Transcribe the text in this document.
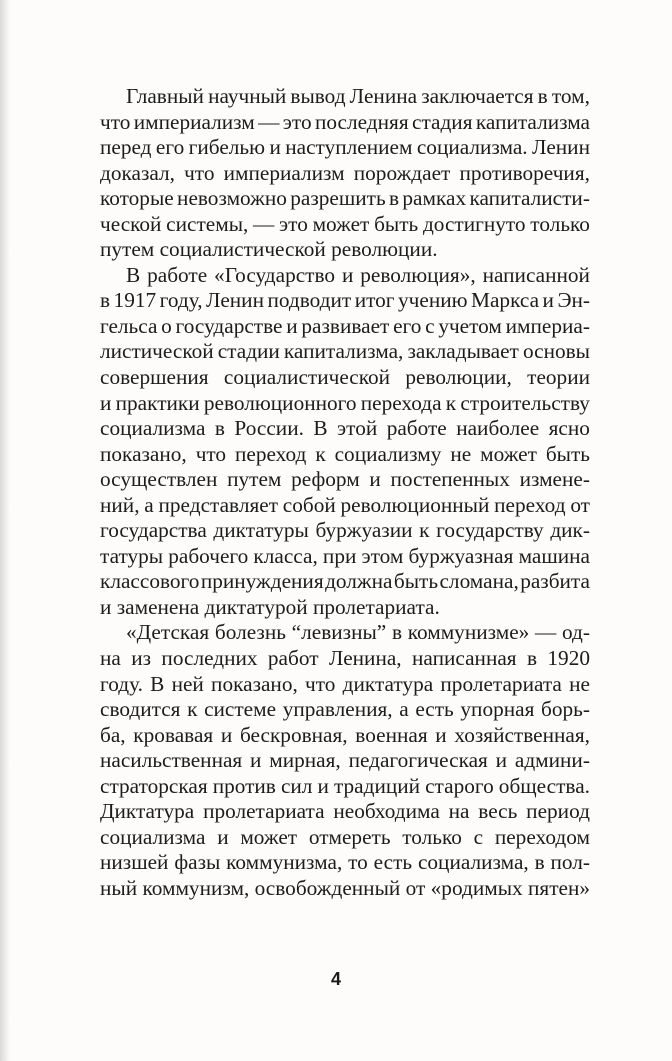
Главный научный вывод Ленина заключается в том,
что империализм — это последняя стадия капитализма
перед его гибелью и наступлением социализма. Ленин
доказал, что империализм порождает противоречия,
которые невозможно разрешить в рамках капиталисти-
ческой системы, — это может быть достигнуто только
путем социалистической революции.
В работе «Государство и революция», написанной
в 1917 году, Ленин подводит итог учению Маркса и Эн-
гельса о государстве и развивает его с учетом империа-
листической стадии капитализма, закладывает основы
совершения социалистической революции, теории
и практики революционного перехода к строительству
социализма в России. В этой работе наиболее ясно
показано, что переход к социализму не может быть
осуществлен путем реформ и постепенных измене-
ний, а представляет собой революционный переход от
государства диктатуры буржуазии к государству дик-
татуры рабочего класса, при этом буржуазная машина
классового принуждения должна быть сломана, разбита
и заменена диктатурой пролетариата.
«Детская болезнь “левизны” в коммунизме» — од-
на из последних работ Ленина, написанная в 1920
году. В ней показано, что диктатура пролетариата не
сводится к системе управления, а есть упорная борь-
ба, кровавая и бескровная, военная и хозяйственная,
насильственная и мирная, педагогическая и админи-
страторская против сил и традиций старого общества.
Диктатура пролетариата необходима на весь период
социализма и может отмереть только с переходом
низшей фазы коммунизма, то есть социализма, в пол-
ный коммунизм, освобожденный от «родимых пятен»
4
